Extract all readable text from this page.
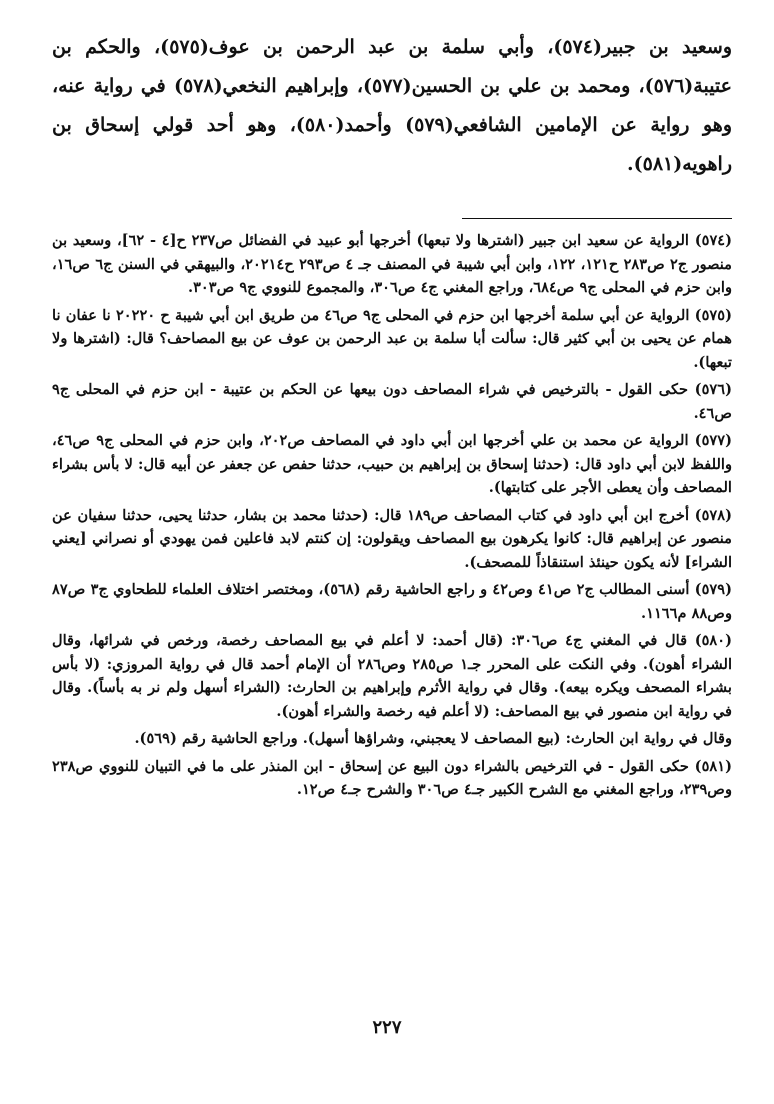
وسعيد بن جبير(٥٧٤)، وأبي سلمة بن عبد الرحمن بن عوف(٥٧٥)، والحكم بن عتيبة(٥٧٦)، ومحمد بن علي بن الحسين(٥٧٧)، وإبراهيم النخعي(٥٧٨) في رواية عنه، وهو رواية عن الإمامين الشافعي(٥٧٩) وأحمد(٥٨٠)، وهو أحد قولي إسحاق بن راهويه(٥٨١).

(٥٧٤) الرواية عن سعيد ابن جبير (اشترها ولا تبعها) أخرجها أبو عبيد في الفضائل ص٢٣٧ ح[٤ - ٦٢]، وسعيد بن منصور ج٢ ص٢٨٣ ح١٢١، ١٢٢، وابن أبي شيبة في المصنف جـ ٤ ص٢٩٣ ح٢٠٢١٤، والبيهقي في السنن ج٦ ص١٦، وابن حزم في المحلى ج٩ ص٦٨٤، وراجع المغني ج٤ ص٣٠٦، والمجموع للنووي ج٩ ص٣٠٣.
(٥٧٥) الرواية عن أبي سلمة أخرجها ابن حزم في المحلى ج٩ ص٤٦ من طريق ابن أبي شيبة ح ٢٠٢٢٠ نا عفان نا همام عن يحيى بن أبي كثير قال: سألت أبا سلمة بن عبد الرحمن بن عوف عن بيع المصاحف؟ قال: (اشترها ولا تبعها).
(٥٧٦) حكى القول - بالترخيص في شراء المصاحف دون بيعها عن الحكم بن عتيبة - ابن حزم في المحلى ج٩ ص٤٦.
(٥٧٧) الرواية عن محمد بن علي أخرجها ابن أبي داود في المصاحف ص٢٠٢، وابن حزم في المحلى ج٩ ص٤٦، واللفظ لابن أبي داود قال: (حدثنا إسحاق بن إبراهيم بن حبيب، حدثنا حفص عن جعفر عن أبيه قال: لا بأس بشراء المصاحف وأن يعطى الأجر على كتابتها).
(٥٧٨) أخرج ابن أبي داود في كتاب المصاحف ص١٨٩ قال: (حدثنا محمد بن بشار، حدثنا يحيى، حدثنا سفيان عن منصور عن إبراهيم قال: كانوا يكرهون بيع المصاحف ويقولون: إن كنتم لابد فاعلين فمن يهودي أو نصراني [يعني الشراء] لأنه يكون حينئذ استنقاذاً للمصحف).
(٥٧٩) أسنى المطالب ج٢ ص٤١ وص٤٢ و راجع الحاشية رقم (٥٦٨)، ومختصر اختلاف العلماء للطحاوي ج٣ ص٨٧ وص٨٨ م١١٦٦.
(٥٨٠) قال في المغني ج٤ ص٣٠٦: (قال أحمد: لا أعلم في بيع المصاحف رخصة، ورخص في شرائها، وقال الشراء أهون). وفي النكت على المحرر جـ١ ص٢٨٥ وص٢٨٦ أن الإمام أحمد قال في رواية المروزي: (لا بأس بشراء المصحف ويكره بيعه). وقال في رواية الأثرم وإبراهيم بن الحارث: (الشراء أسهل ولم نر به بأساً). وقال في رواية ابن منصور في بيع المصاحف: (لا أعلم فيه رخصة والشراء أهون).
وقال في رواية ابن الحارث: (بيع المصاحف لا يعجبني، وشراؤها أسهل). وراجع الحاشية رقم (٥٦٩).
(٥٨١) حكى القول - في الترخيص بالشراء دون البيع عن إسحاق - ابن المنذر على ما في التبيان للنووي ص٢٣٨ وص٢٣٩، وراجع المغني مع الشرح الكبير جـ٤ ص٣٠٦ والشرح جـ٤ ص١٢.
٢٢٧
